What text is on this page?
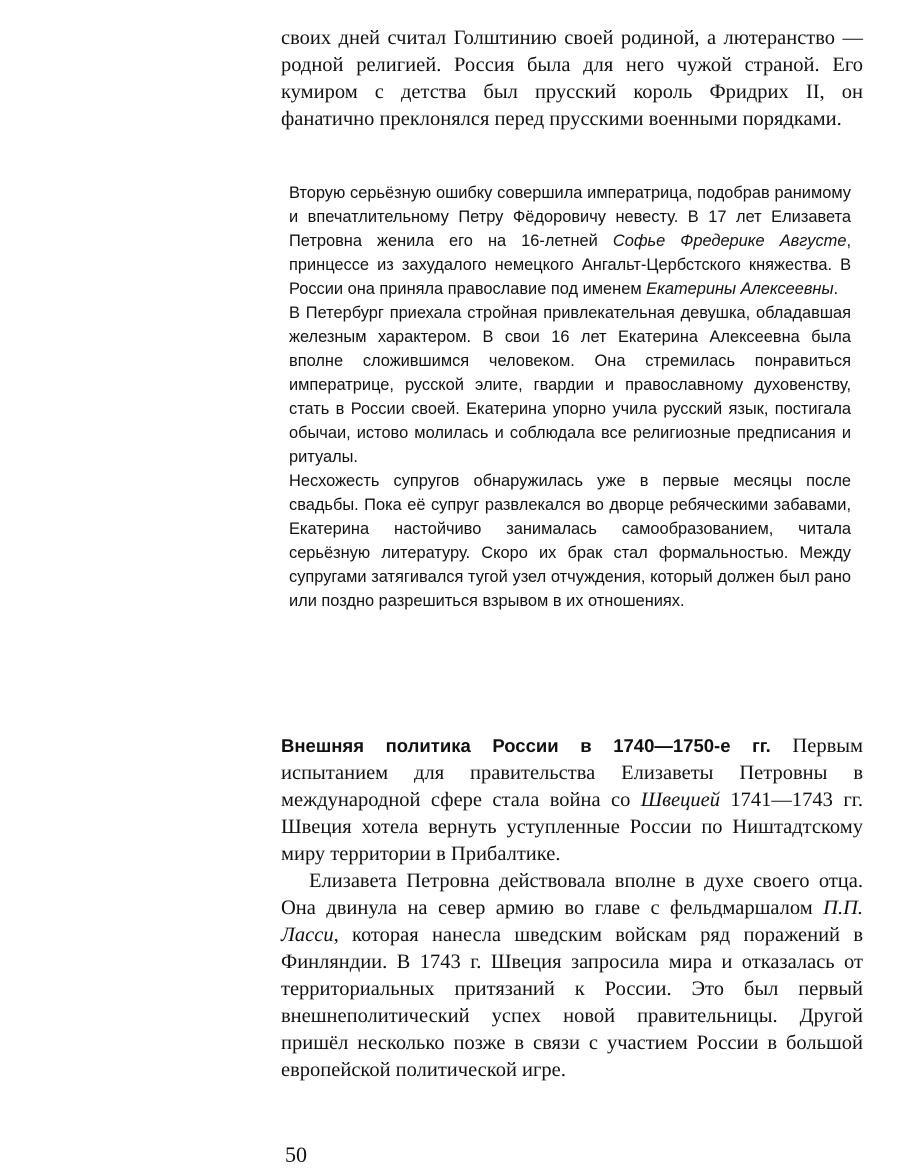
своих дней считал Голштинию своей родиной, а лютеранство — родной религией. Россия была для него чужой страной. Его кумиром с детства был прусский король Фридрих II, он фанатично преклонялся перед прусскими военными порядками.

Вторую серьёзную ошибку совершила императрица, подобрав ранимому и впечатлительному Петру Фёдоровичу невесту. В 17 лет Елизавета Петровна женила его на 16-летней Софье Фредерике Августе, принцессе из захудалого немецкого Ангальт-Цербстского княжества. В России она приняла православие под именем Екатерины Алексеевны.

В Петербург приехала стройная привлекательная девушка, обладавшая железным характером. В свои 16 лет Екатерина Алексеевна была вполне сложившимся человеком. Она стремилась понравиться императрице, русской элите, гвардии и православному духовенству, стать в России своей. Екатерина упорно учила русский язык, постигала обычаи, истово молилась и соблюдала все религиозные предписания и ритуалы.

Несхожесть супругов обнаружилась уже в первые месяцы после свадьбы. Пока её супруг развлекался во дворце ребяческими забавами, Екатерина настойчиво занималась самообразованием, читала серьёзную литературу. Скоро их брак стал формальностью. Между супругами затягивался тугой узел отчуждения, который должен был рано или поздно разрешиться взрывом в их отношениях.

Внешняя политика России в 1740—1750-е гг. Первым испытанием для правительства Елизаветы Петровны в международной сфере стала война со Швецией 1741—1743 гг. Швеция хотела вернуть уступленные России по Ништадтскому миру территории в Прибалтике.

Елизавета Петровна действовала вполне в духе своего отца. Она двинула на север армию во главе с фельдмаршалом П.П. Ласси, которая нанесла шведским войскам ряд поражений в Финляндии. В 1743 г. Швеция запросила мира и отказалась от территориальных притязаний к России. Это был первый внешнеполитический успех новой правительницы. Другой пришёл несколько позже в связи с участием России в большой европейской политической игре.

50
